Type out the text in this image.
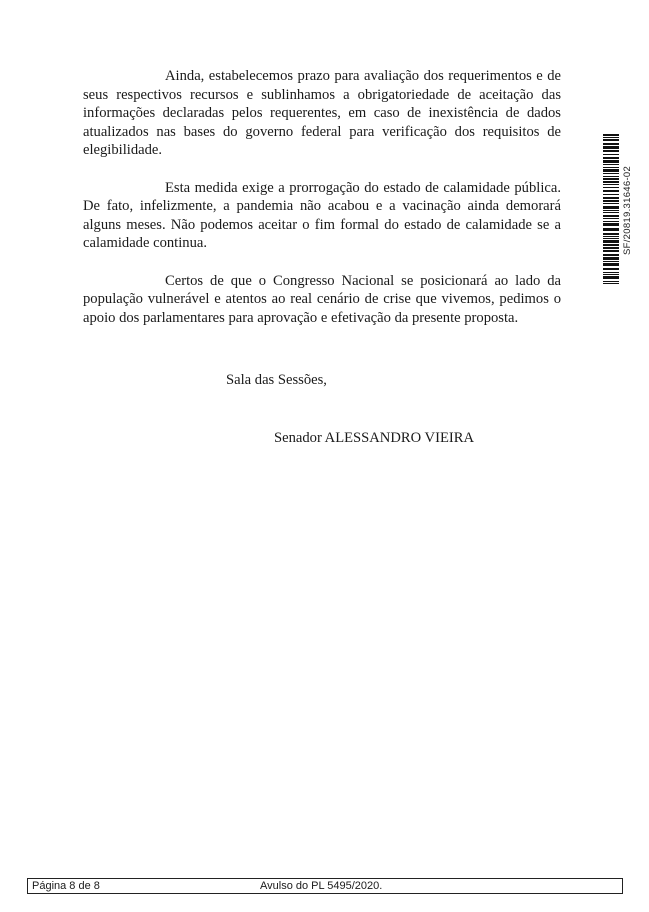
Ainda, estabelecemos prazo para avaliação dos requerimentos e de seus respectivos recursos e sublinhamos a obrigatoriedade de aceitação das informações declaradas pelos requerentes, em caso de inexistência de dados atualizados nas bases do governo federal para verificação dos requisitos de elegibilidade.

Esta medida exige a prorrogação do estado de calamidade pública. De fato, infelizmente, a pandemia não acabou e a vacinação ainda demorará alguns meses. Não podemos aceitar o fim formal do estado de calamidade se a calamidade continua.

Certos de que o Congresso Nacional se posicionará ao lado da população vulnerável e atentos ao real cenário de crise que vivemos, pedimos o apoio dos parlamentares para aprovação e efetivação da presente proposta.

Sala das Sessões,
Senador ALESSANDRO VIEIRA
SF/20819.31646-02
Página 8 de 8	Avulso do PL 5495/2020.
